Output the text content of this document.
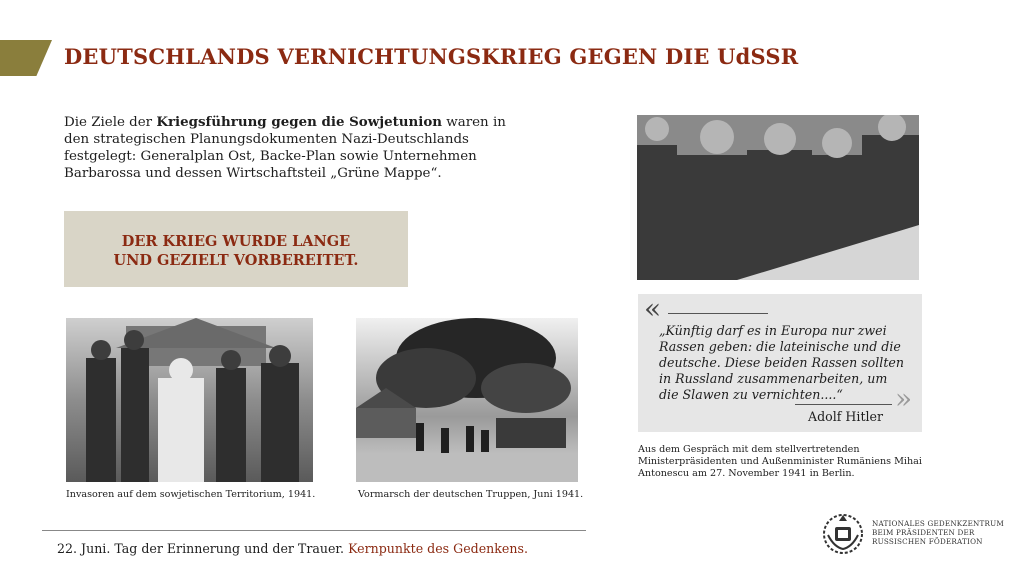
DEUTSCHLANDS VERNICHTUNGSKRIEG GEGEN DIE UdSSR
Die Ziele der Kriegsführung gegen die Sowjetunion waren in den strategischen Planungsdokumenten Nazi-Deutschlands festgelegt: Generalplan Ost, Backe-Plan sowie Unternehmen Barbarossa und dessen Wirtschaftsteil „Grüne Mappe“.
DER KRIEG WURDE LANGE
UND GEZIELT VORBEREITET.
Invasoren auf dem sowjetischen Territorium, 1941.	Vormarsch der deutschen Truppen, Juni 1941.
«
„Künftig darf es in Europa nur zwei Rassen geben: die lateinische und die deutsche. Diese beiden Rassen sollten in Russland zusammenarbeiten, um die Slawen zu vernichten....“
Adolf Hitler
»
Aus dem Gespräch mit dem stellvertretenden Ministerpräsidenten und Außenminister Rumäniens Mihai Antonescu am 27. November 1941 in Berlin.
22. Juni. Tag der Erinnerung und der Trauer. Kernpunkte des Gedenkens.
NATIONALES GEDENKZENTRUM
BEIM PRÄSIDENTEN DER
RUSSISCHEN FÖDERATION
